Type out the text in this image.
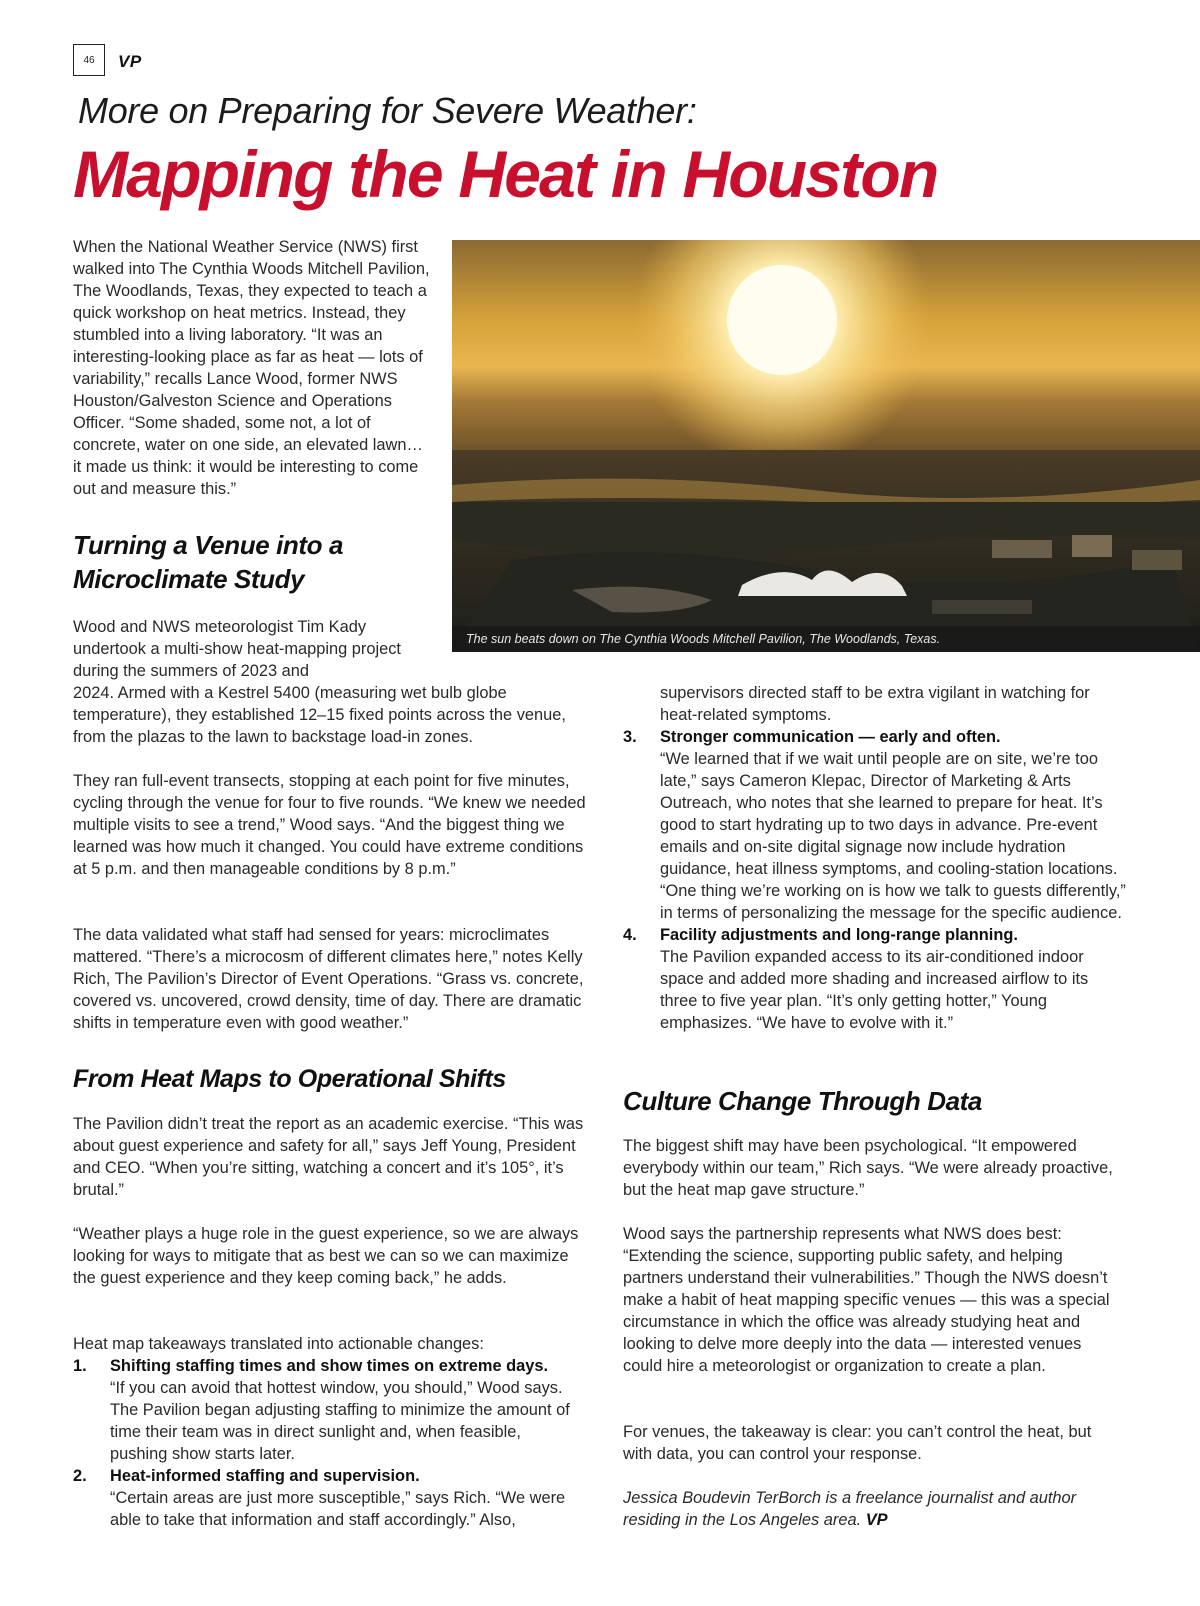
46	VP
More on Preparing for Severe Weather:
Mapping the Heat in Houston

When the National Weather Service (NWS) first walked into The Cynthia Woods Mitchell Pavilion, The Woodlands, Texas, they expected to teach a quick workshop on heat metrics. Instead, they stumbled into a living laboratory. “It was an interesting-looking place as far as heat — lots of variability,” recalls Lance Wood, former NWS Houston/Galveston Science and Operations Officer. “Some shaded, some not, a lot of concrete, water on one side, an elevated lawn… it made us think: it would be interesting to come out and measure this.”

The sun beats down on The Cynthia Woods Mitchell Pavilion, The Woodlands, Texas.
Turning a Venue into a
Microclimate Study

Wood and NWS meteorologist Tim Kady undertook a multi-show heat-mapping project during the summers of 2023 and

2024. Armed with a Kestrel 5400 (measuring wet bulb globe temperature), they established 12–15 fixed points across the venue, from the plazas to the lawn to backstage load-in zones.

They ran full-event transects, stopping at each point for five minutes, cycling through the venue for four to five rounds. “We knew we needed multiple visits to see a trend,” Wood says. “And the biggest thing we learned was how much it changed. You could have extreme conditions at 5 p.m. and then manageable conditions by 8 p.m.”

The data validated what staff had sensed for years: microclimates mattered. “There’s a microcosm of different climates here,” notes Kelly Rich, The Pavilion’s Director of Event Operations. “Grass vs. concrete, covered vs. uncovered, crowd density, time of day. There are dramatic shifts in temperature even with good weather.”

From Heat Maps to Operational Shifts

The Pavilion didn’t treat the report as an academic exercise. “This was about guest experience and safety for all,” says Jeff Young, President and CEO. “When you’re sitting, watching a concert and it’s 105°, it’s brutal.”

“Weather plays a huge role in the guest experience, so we are always looking for ways to mitigate that as best we can so we can maximize the guest experience and they keep coming back,” he adds.

Heat map takeaways translated into actionable changes:

1. Shifting staffing times and show times on extreme days.
“If you can avoid that hottest window, you should,” Wood says. The Pavilion began adjusting staffing to minimize the amount of time their team was in direct sunlight and, when feasible, pushing show starts later.
2. Heat-informed staffing and supervision.
“Certain areas are just more susceptible,” says Rich. “We were able to take that information and staff accordingly.” Also,

supervisors directed staff to be extra vigilant in watching for heat-related symptoms.

3. Stronger communication — early and often.
“We learned that if we wait until people are on site, we’re too late,” says Cameron Klepac, Director of Marketing & Arts Outreach, who notes that she learned to prepare for heat. It’s good to start hydrating up to two days in advance. Pre-event emails and on-site digital signage now include hydration guidance, heat illness symptoms, and cooling-station locations. “One thing we’re working on is how we talk to guests differently,” in terms of personalizing the message for the specific audience.
4. Facility adjustments and long-range planning.
The Pavilion expanded access to its air-conditioned indoor space and added more shading and increased airflow to its three to five year plan. “It’s only getting hotter,” Young emphasizes. “We have to evolve with it.”
Culture Change Through Data

The biggest shift may have been psychological. “It empowered everybody within our team,” Rich says. “We were already proactive, but the heat map gave structure.”

Wood says the partnership represents what NWS does best: “Extending the science, supporting public safety, and helping partners understand their vulnerabilities.” Though the NWS doesn’t make a habit of heat mapping specific venues — this was a special circumstance in which the office was already studying heat and looking to delve more deeply into the data — interested venues could hire a meteorologist or organization to create a plan.

For venues, the takeaway is clear: you can’t control the heat, but with data, you can control your response.

Jessica Boudevin TerBorch is a freelance journalist and author residing in the Los Angeles area. VP
